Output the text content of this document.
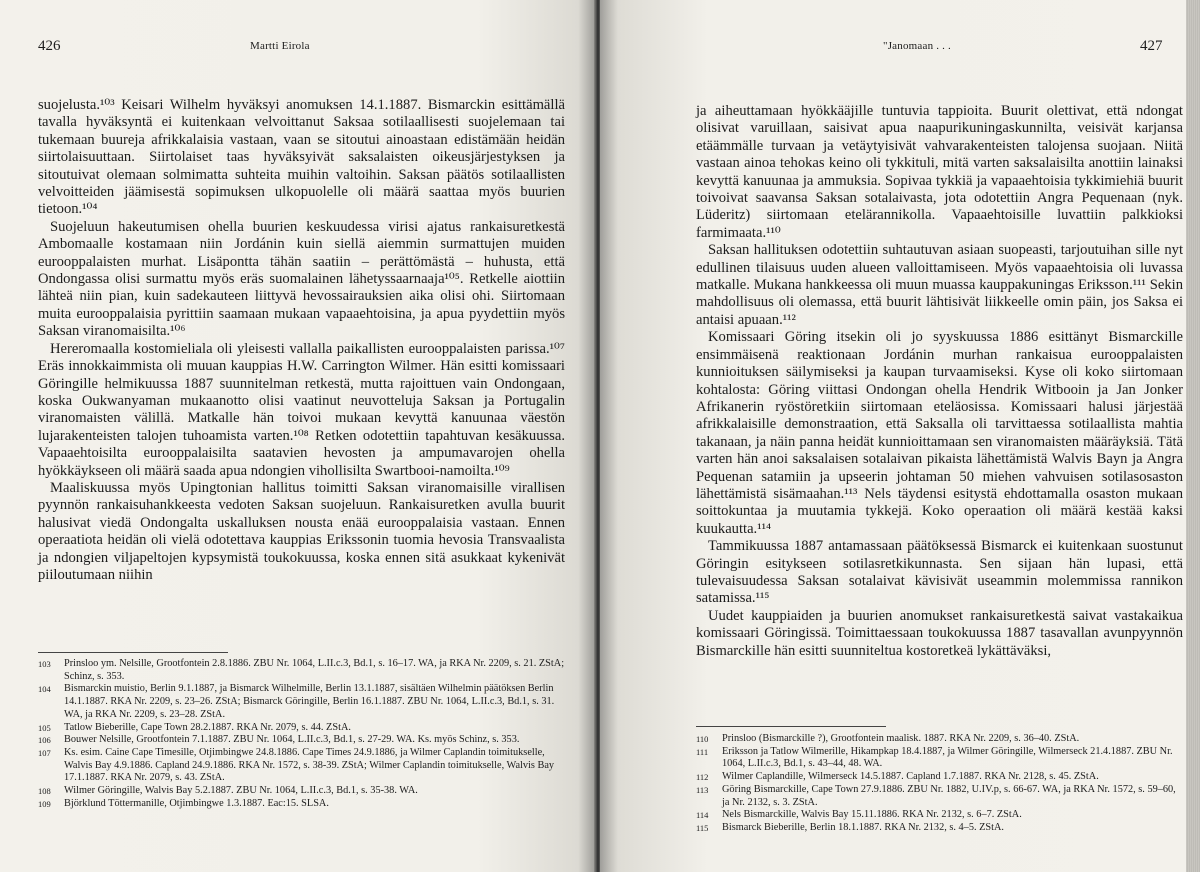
426	Martti Eirola

suojelusta.¹⁰³ Keisari Wilhelm hyväksyi anomuksen 14.1.1887. Bismarckin esittämällä tavalla hyväksyntä ei kuitenkaan velvoittanut Saksaa sotilaallisesti suojelemaan tai tukemaan buureja afrikkalaisia vastaan, vaan se sitoutui ainoastaan edistämään heidän siirtolaisuuttaan. Siirtolaiset taas hyväksyivät saksalaisten oikeusjärjestyksen ja sitoutuivat olemaan solmimatta suhteita muihin valtoihin. Saksan päätös sotilaallisten velvoitteiden jäämisestä sopimuksen ulkopuolelle oli määrä saattaa myös buurien tietoon.¹⁰⁴

Suojeluun hakeutumisen ohella buurien keskuudessa virisi ajatus rankaisuretkestä Ambomaalle kostamaan niin Jordánin kuin siellä aiemmin surmattujen muiden eurooppalaisten murhat. Lisäpontta tähän saatiin – perättömästä – huhusta, että Ondongassa olisi surmattu myös eräs suomalainen lähetyssaarnaaja¹⁰⁵. Retkelle aiottiin lähteä niin pian, kuin sadekauteen liittyvä hevossairauksien aika olisi ohi. Siirtomaan muita eurooppalaisia pyrittiin saamaan mukaan vapaaehtoisina, ja apua pyydettiin myös Saksan viranomaisilta.¹⁰⁶

Hereromaalla kostomieliala oli yleisesti vallalla paikallisten eurooppalaisten parissa.¹⁰⁷ Eräs innokkaimmista oli muuan kauppias H.W. Carrington Wilmer. Hän esitti komissaari Göringille helmikuussa 1887 suunnitelman retkestä, mutta rajoittuen vain Ondongaan, koska Oukwanyaman mukaanotto olisi vaatinut neuvotteluja Saksan ja Portugalin viranomaisten välillä. Matkalle hän toivoi mukaan kevyttä kanuunaa väestön lujarakenteisten talojen tuhoamista varten.¹⁰⁸ Retken odotettiin tapahtuvan kesäkuussa. Vapaaehtoisilta eurooppalaisilta saatavien hevosten ja ampumavarojen ohella hyökkäykseen oli määrä saada apua ndongien vihollisilta Swartbooi-namoilta.¹⁰⁹

Maaliskuussa myös Upingtonian hallitus toimitti Saksan viranomaisille virallisen pyynnön rankaisuhankkeesta vedoten Saksan suojeluun. Rankaisuretken avulla buurit halusivat viedä Ondongalta uskalluksen nousta enää eurooppalaisia vastaan. Ennen operaatiota heidän oli vielä odotettava kauppias Erikssonin tuomia hevosia Transvaalista ja ndongien viljapeltojen kypsymistä toukokuussa, koska ennen sitä asukkaat kykenivät piiloutumaan niihin

103	Prinsloo ym. Nelsille, Grootfontein 2.8.1886. ZBU Nr. 1064, L.II.c.3, Bd.1, s. 16–17. WA, ja RKA Nr. 2209, s. 21. ZStA; Schinz, s. 353.
104	Bismarckin muistio, Berlin 9.1.1887, ja Bismarck Wilhelmille, Berlin 13.1.1887, sisältäen Wilhelmin päätöksen Berlin 14.1.1887. RKA Nr. 2209, s. 23–26. ZStA; Bismarck Göringille, Berlin 16.1.1887. ZBU Nr. 1064, L.II.c.3, Bd.1, s. 31. WA, ja RKA Nr. 2209, s. 23–28. ZStA.
105	Tatlow Bieberille, Cape Town 28.2.1887. RKA Nr. 2079, s. 44. ZStA.
106	Bouwer Nelsille, Grootfontein 7.1.1887. ZBU Nr. 1064, L.II.c.3, Bd.1, s. 27-29. WA. Ks. myös Schinz, s. 353.
107	Ks. esim. Caine Cape Timesille, Otjimbingwe 24.8.1886. Cape Times 24.9.1886, ja Wilmer Caplandin toimitukselle, Walvis Bay 4.9.1886. Capland 24.9.1886. RKA Nr. 1572, s. 38-39. ZStA; Wilmer Caplandin toimitukselle, Walvis Bay 17.1.1887. RKA Nr. 2079, s. 43. ZStA.
108	Wilmer Göringille, Walvis Bay 5.2.1887. ZBU Nr. 1064, L.II.c.3, Bd.1, s. 35-38. WA.
109	Björklund Töttermanille, Otjimbingwe 1.3.1887. Eac:15. SLSA.
"Janomaan . . .	427

ja aiheuttamaan hyökkääjille tuntuvia tappioita. Buurit olettivat, että ndongat olisivat varuillaan, saisivat apua naapurikuningaskunnilta, veisivät karjansa etäämmälle turvaan ja vetäytyisivät vahvarakenteisten talojensa suojaan. Niitä vastaan ainoa tehokas keino oli tykkituli, mitä varten saksalaisilta anottiin lainaksi kevyttä kanuunaa ja ammuksia. Sopivaa tykkiä ja vapaaehtoisia tykkimiehiä buurit toivoivat saavansa Saksan sotalaivasta, jota odotettiin Angra Pequenaan (nyk. Lüderitz) siirtomaan etelärannikolla. Vapaaehtoisille luvattiin palkkioksi farmimaata.¹¹⁰

Saksan hallituksen odotettiin suhtautuvan asiaan suopeasti, tarjoutuihan sille nyt edullinen tilaisuus uuden alueen valloittamiseen. Myös vapaaehtoisia oli luvassa matkalle. Mukana hankkeessa oli muun muassa kauppakuningas Eriksson.¹¹¹ Sekin mahdollisuus oli olemassa, että buurit lähtisivät liikkeelle omin päin, jos Saksa ei antaisi apuaan.¹¹²

Komissaari Göring itsekin oli jo syyskuussa 1886 esittänyt Bismarckille ensimmäisenä reaktionaan Jordánin murhan rankaisua eurooppalaisten kunnioituksen säilymiseksi ja kaupan turvaamiseksi. Kyse oli koko siirtomaan kohtalosta: Göring viittasi Ondongan ohella Hendrik Witbooin ja Jan Jonker Afrikanerin ryöstöretkiin siirtomaan eteläosissa. Komissaari halusi järjestää afrikkalaisille demonstraation, että Saksalla oli tarvittaessa sotilaallista mahtia takanaan, ja näin panna heidät kunnioittamaan sen viranomaisten määräyksiä. Tätä varten hän anoi saksalaisen sotalaivan pikaista lähettämistä Walvis Bayn ja Angra Pequenan satamiin ja upseerin johtaman 50 miehen vahvuisen sotilasosaston lähettämistä sisämaahan.¹¹³ Nels täydensi esitystä ehdottamalla osaston mukaan soittokuntaa ja muutamia tykkejä. Koko operaation oli määrä kestää kaksi kuukautta.¹¹⁴

Tammikuussa 1887 antamassaan päätöksessä Bismarck ei kuitenkaan suostunut Göringin esitykseen sotilasretkikunnasta. Sen sijaan hän lupasi, että tulevaisuudessa Saksan sotalaivat kävisivät useammin molemmissa rannikon satamissa.¹¹⁵

Uudet kauppiaiden ja buurien anomukset rankaisuretkestä saivat vastakaikua komissaari Göringissä. Toimittaessaan toukokuussa 1887 tasavallan avunpyynnön Bismarckille hän esitti suunniteltua kostoretkeä lykättäväksi,

110	Prinsloo (Bismarckille ?), Grootfontein maalisk. 1887. RKA Nr. 2209, s. 36–40. ZStA.
111	Eriksson ja Tatlow Wilmerille, Hikampkap 18.4.1887, ja Wilmer Göringille, Wilmerseck 21.4.1887. ZBU Nr. 1064, L.II.c.3, Bd.1, s. 43–44, 48. WA.
112	Wilmer Caplandille, Wilmerseck 14.5.1887. Capland 1.7.1887. RKA Nr. 2128, s. 45. ZStA.
113	Göring Bismarckille, Cape Town 27.9.1886. ZBU Nr. 1882, U.IV.p, s. 66-67. WA, ja RKA Nr. 1572, s. 59–60, ja Nr. 2132, s. 3. ZStA.
114	Nels Bismarckille, Walvis Bay 15.11.1886. RKA Nr. 2132, s. 6–7. ZStA.
115	Bismarck Bieberille, Berlin 18.1.1887. RKA Nr. 2132, s. 4–5. ZStA.
